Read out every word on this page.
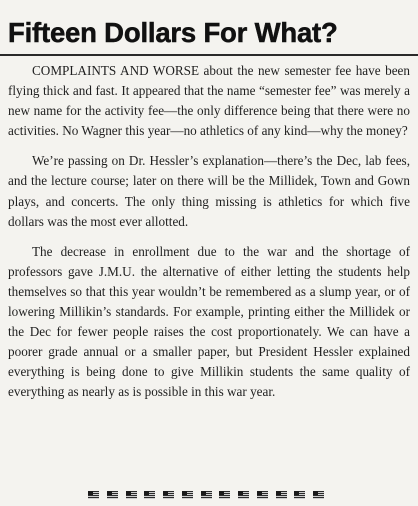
Fifteen Dollars For What?

COMPLAINTS AND WORSE about the new semester fee have been flying thick and fast. It appeared that the name “semester fee” was merely a new name for the activity fee—the only difference being that there were no activities. No Wagner this year—no athletics of any kind—why the money?

We’re passing on Dr. Hessler’s explanation—there’s the Dec, lab fees, and the lecture course; later on there will be the Millidek, Town and Gown plays, and concerts. The only thing missing is athletics for which five dollars was the most ever allotted.

The decrease in enrollment due to the war and the shortage of professors gave J.M.U. the alternative of either letting the students help themselves so that this year wouldn’t be remembered as a slump year, or of lowering Millikin’s standards. For example, printing either the Millidek or the Dec for fewer people raises the cost proportionately. We can have a poorer grade annual or a smaller paper, but President Hessler explained everything is being done to give Millikin students the same quality of everything as nearly as is possible in this war year.
